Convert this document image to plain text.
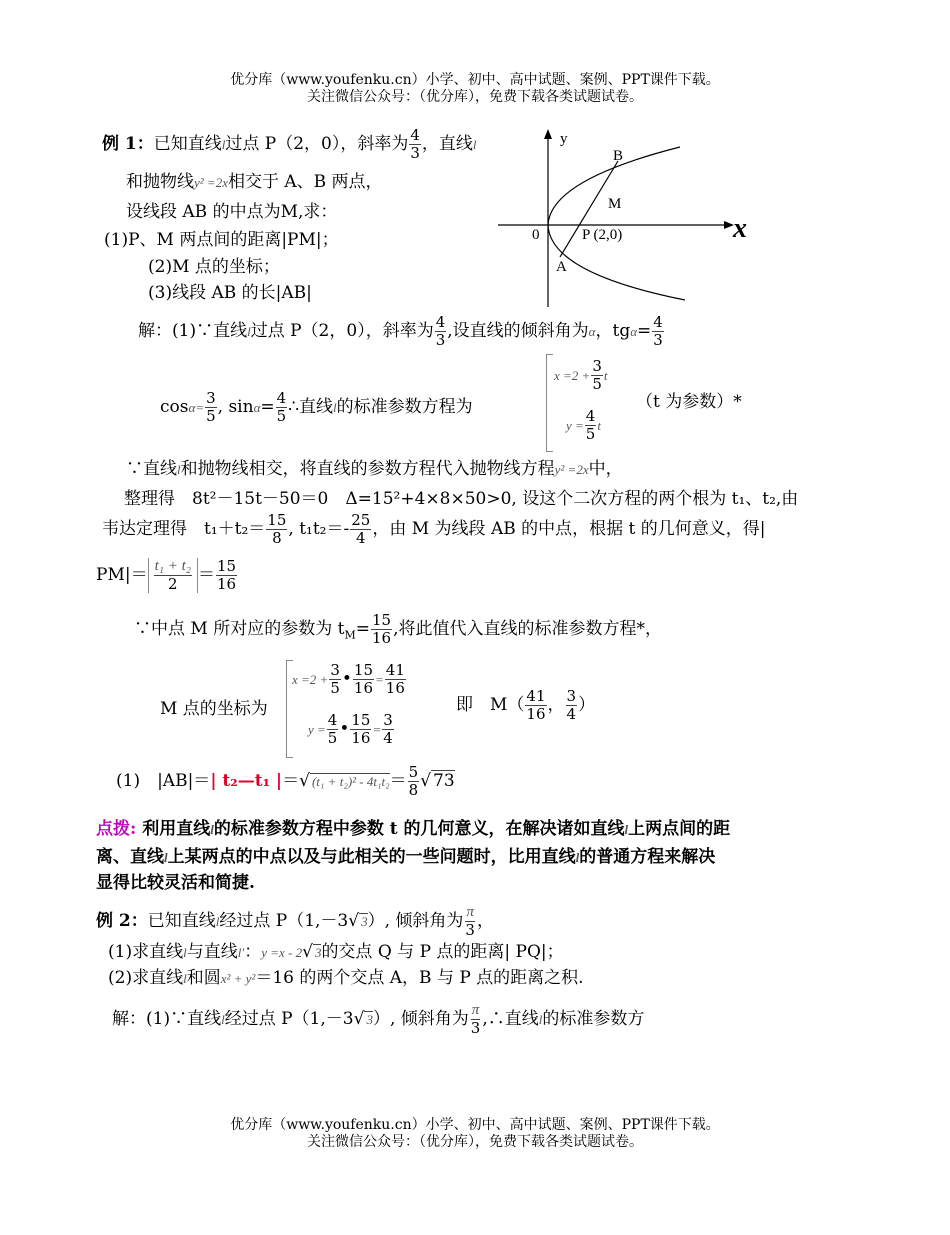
优分库（www.youfenku.cn）小学、初中、高中试题、案例、PPT课件下载。
关注微信公众号：（优分库），免费下载各类试题试卷。
例 1：已知直线l过点 P（2，0），斜率为 $\frac{4}{3}$ ，直线l
和抛物线y² =2x相交于 A、B 两点，
设线段 AB 的中点为M,求：
(1)P、M 两点间的距离|PM|；
(2)M 点的坐标；
(3)线段 AB 的长|AB|
y
x
0
B
M
P (2,0)
A
解：(1)∵直线l过点 P（2，0），斜率为 $\frac{4}{3}$ ,设直线的倾斜角为α，$tg\alpha= \frac{4}{3}$
$\cos\alpha= \frac{3}{5}$ , $\sin\alpha= \frac{4}{5}$ ∴直线l的标准参数方程为
$x =2 + \frac{3}{5}$ t
$y = \frac{4}{5}$ t
（t 为参数）*
∵直线l和抛物线相交，将直线的参数方程代入抛物线方程y² =2x中，
整理得　8t²－15t－50＝0　Δ=15²+4×8×50>0, 设这个二次方程的两个根为 t₁、t₂,由
韦达定理得　$t_1+t_2= \frac{15}{8}$ , $t_1t_2=- \frac{25}{4}$ ，由 M 为线段 AB 的中点，根据 t 的几何意义，得|
PM|＝ t₁ + t₂
$2 = \frac{15}{16}$
∵中点 M 所对应的参数为 $t_M= \frac{15}{16}$ ,将此值代入直线的标准参数方程*，
M 点的坐标为
$x =2 + \frac{3}{5}$ • $\frac{15}{16} = \frac{41}{16}$
$y = \frac{4}{5}$ • $\frac{15}{16} = \frac{3}{4}$
即　$M( \frac{41}{16}$ ， $\frac{3}{4}$ ）
(1)　|AB|＝| t₂—t₁ |＝√ $(t_1 + t_2)^2 - 4t_1t_2= \frac{5}{8}$ √ 73
点拨: 利用直线l的标准参数方程中参数 t 的几何意义，在解决诸如直线l上两点间的距
离、直线l上某两点的中点以及与此相关的一些问题时，比用直线l的普通方程来解决
显得比较灵活和简捷.
例 2：已知直线l经过点 P（1,－3√ 3）, 倾斜角为 $\frac{\pi}{3}$ ，
(1)求直线l与直线l′：y =x - 2√ 3的交点 Q 与 P 点的距离| PQ|；
(2)求直线l和圆x² + y²＝16 的两个交点 A，B 与 P 点的距离之积.
解：(1)∵直线l经过点 P（1,－3√ 3）, 倾斜角为 $\frac{\pi}{3}$ ,∴直线l的标准参数方
优分库（www.youfenku.cn）小学、初中、高中试题、案例、PPT课件下载。
关注微信公众号：（优分库），免费下载各类试题试卷。
